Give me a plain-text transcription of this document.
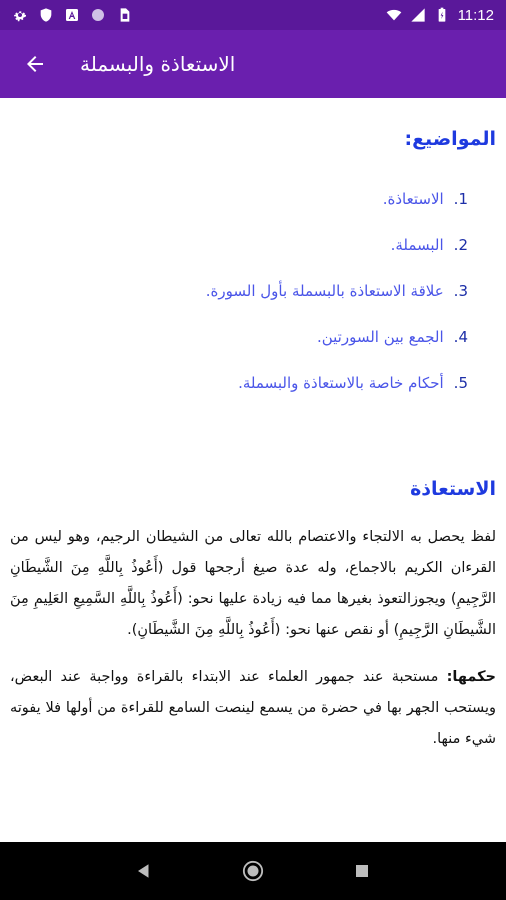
11:12
الاستعاذة والبسملة
المواضيع:
1.
الاستعاذة.
2.
البسملة.
3.
علاقة الاستعاذة بالبسملة بأول السورة.
4.
الجمع بين السورتين.
5.
أحكام خاصة بالاستعاذة والبسملة.
الاستعاذة

لفظ يحصل به الالتجاء والاعتصام بالله تعالى من الشيطان الرجيم، وهو ليس من القرءان الكريم بالاجماع، وله عدة صيغ أرجحها قول (أَعُوذُ بِاللَّهِ مِنَ الشَّيطَانِ الرَّجِيمِ) ويجوزالتعوذ بغيرها مما فيه زيادة عليها نحو: (أَعُوذُ بِاللَّهِ السَّمِيعِ العَلِيمِ مِنَ الشَّيطَانِ الرَّجِيمِ) أو نقص عنها نحو: (أَعُوذُ بِاللَّهِ مِنَ الشَّيطَانِ).

حكمها: مستحبة عند جمهور العلماء عند الابتداء بالقراءة وواجبة عند البعض، ويستحب الجهر بها في حضرة من يسمع لينصت السامع للقراءة من أولها فلا يفوته شيء منها.
